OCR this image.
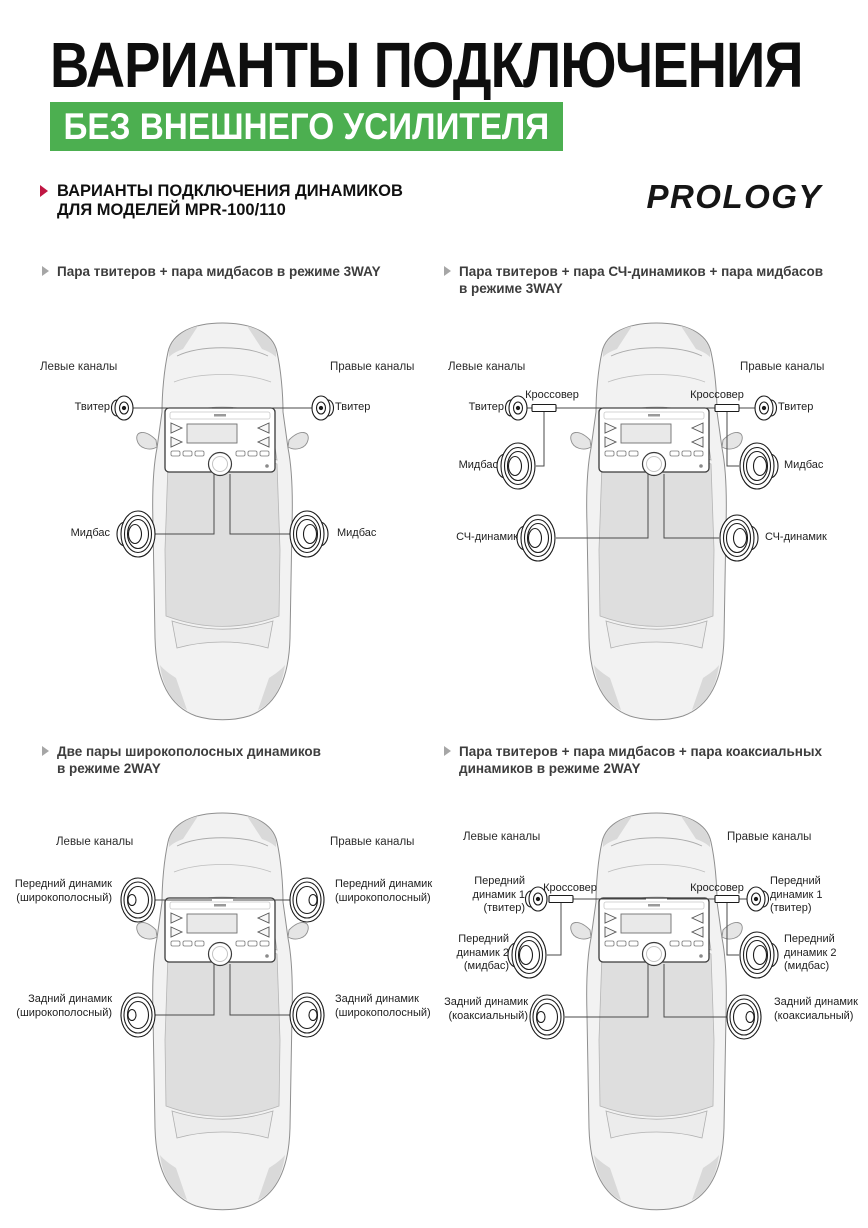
ВАРИАНТЫ ПОДКЛЮЧЕНИЯ
БЕЗ ВНЕШНЕГО УСИЛИТЕЛЯ
ВАРИАНТЫ ПОДКЛЮЧЕНИЯ ДИНАМИКОВ
ДЛЯ МОДЕЛЕЙ MPR-100/110	PROLOGY
Пара твитеров + пара мидбасов в режиме 3WAY
Левые каналы	Правые каналы
Твитер	Твитер
Мидбас	Мидбас
Пара твитеров + пара СЧ-динамиков + пара мидбасов
в режиме 3WAY
Левые каналы	Правые каналы
Твитер
Кроссовер
Мидбас
СЧ-динамик
Кроссовер
Твитер
Мидбас
СЧ-динамик
Две пары широкополосных динамиков
в режиме 2WAY
Левые каналы	Правые каналы
Передний динамик
(широкополосный)
Передний динамик
(широкополосный)
Задний динамик
(широкополосный)
Задний динамик
(широкополосный)
Пара твитеров + пара мидбасов + пара коаксиальных
динамиков в режиме 2WAY
Левые каналы	Правые каналы
Передний
динамик 1
(твитер)
Кроссовер
Передний
динамик 2
(мидбас)
Задний динамик
(коаксиальный)
Кроссовер
Передний
динамик 1
(твитер)
Передний
динамик 2
(мидбас)
Задний динамик
(коаксиальный)
